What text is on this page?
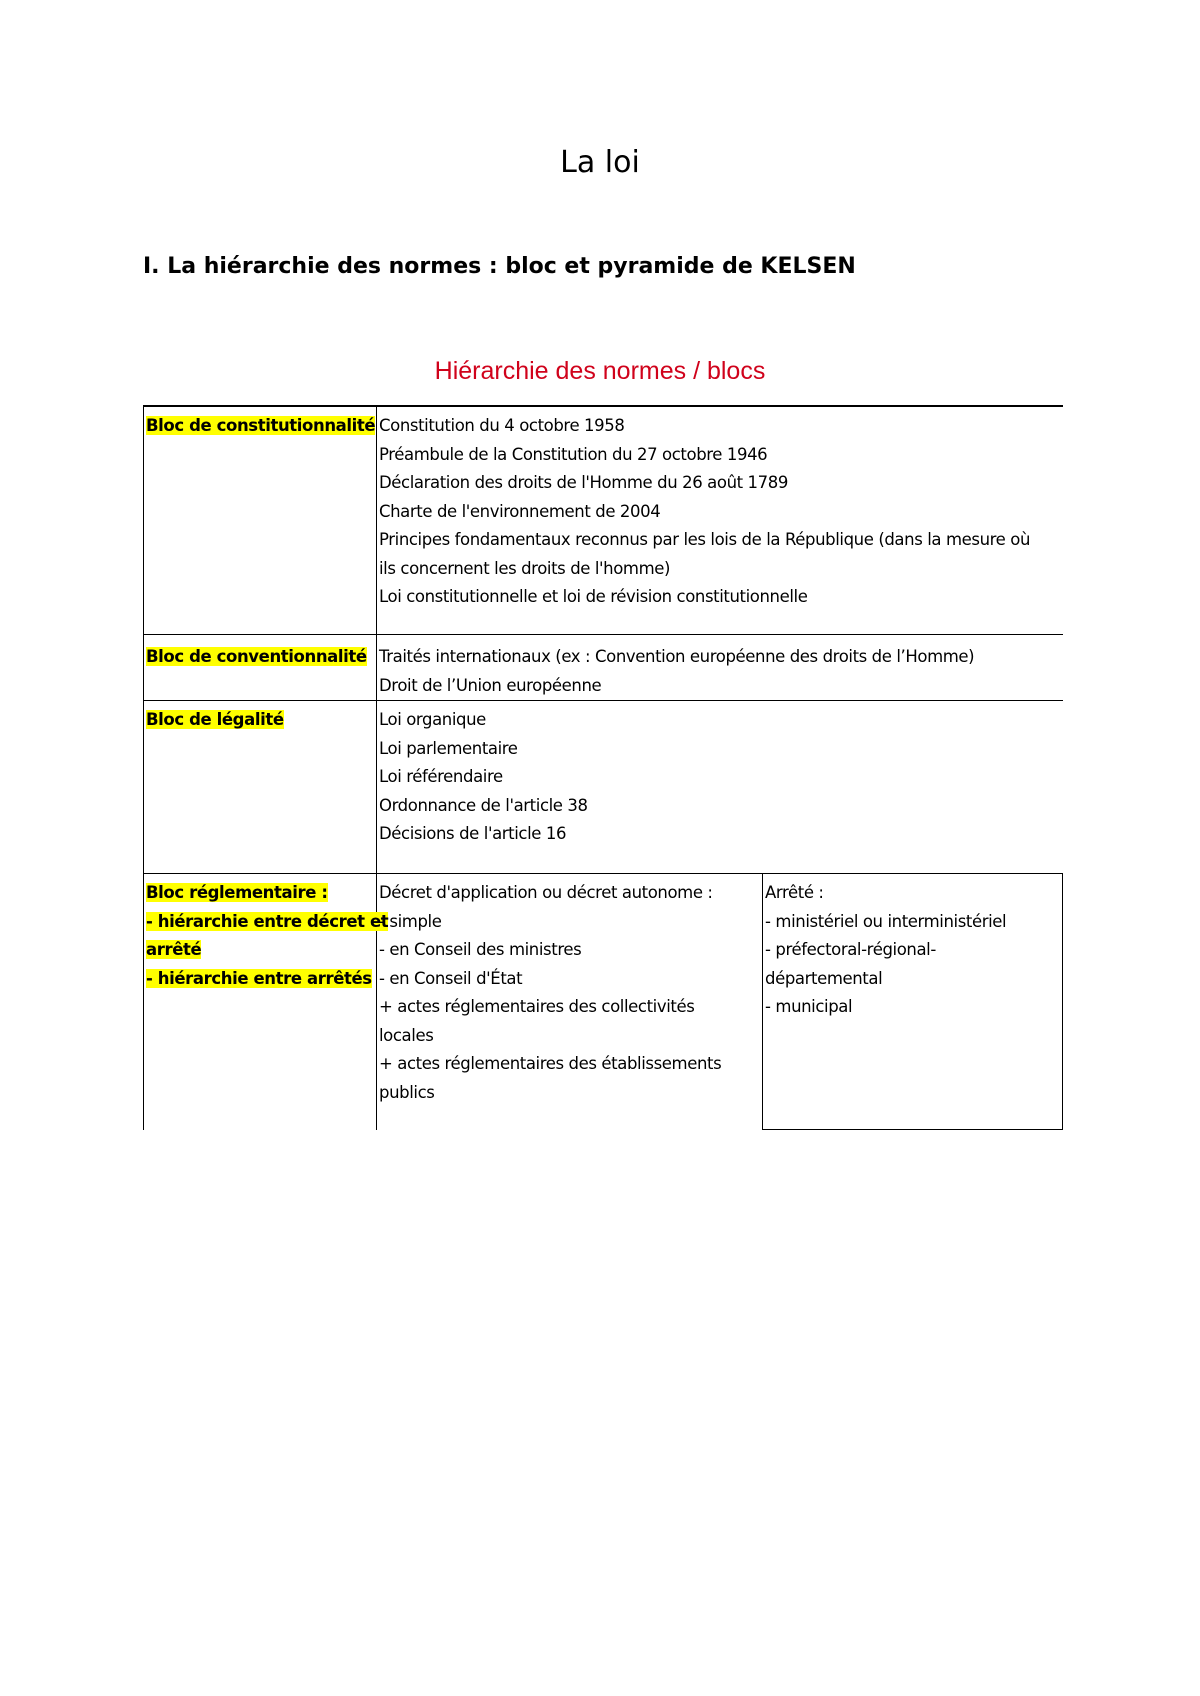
La loi
I. La hiérarchie des normes : bloc et pyramide de KELSEN
Hiérarchie des normes / blocs
Bloc de constitutionnalité Constitution du 4 octobre 1958
Préambule de la Constitution du 27 octobre 1946
Déclaration des droits de l'Homme du 26 août 1789
Charte de l'environnement de 2004
Principes fondamentaux reconnus par les lois de la République (dans la mesure où
ils concernent les droits de l'homme)
Loi constitutionnelle et loi de révision constitutionnelle
Bloc de conventionnalité Traités internationaux (ex : Convention européenne des droits de l’Homme)
Droit de l’Union européenne
Bloc de légalité	Loi organique
Loi parlementaire
Loi référendaire
Ordonnance de l'article 38
Décisions de l'article 16
Bloc réglementaire :
- hiérarchie entre décret et
arrêté
- hiérarchie entre arrêtés
Décret d'application ou décret autonome :
- simple
- en Conseil des ministres
- en Conseil d'État
+ actes réglementaires des collectivités
locales
+ actes réglementaires des établissements
publics
Arrêté :
- ministériel ou interministériel
- préfectoral-régional-
départemental
- municipal
